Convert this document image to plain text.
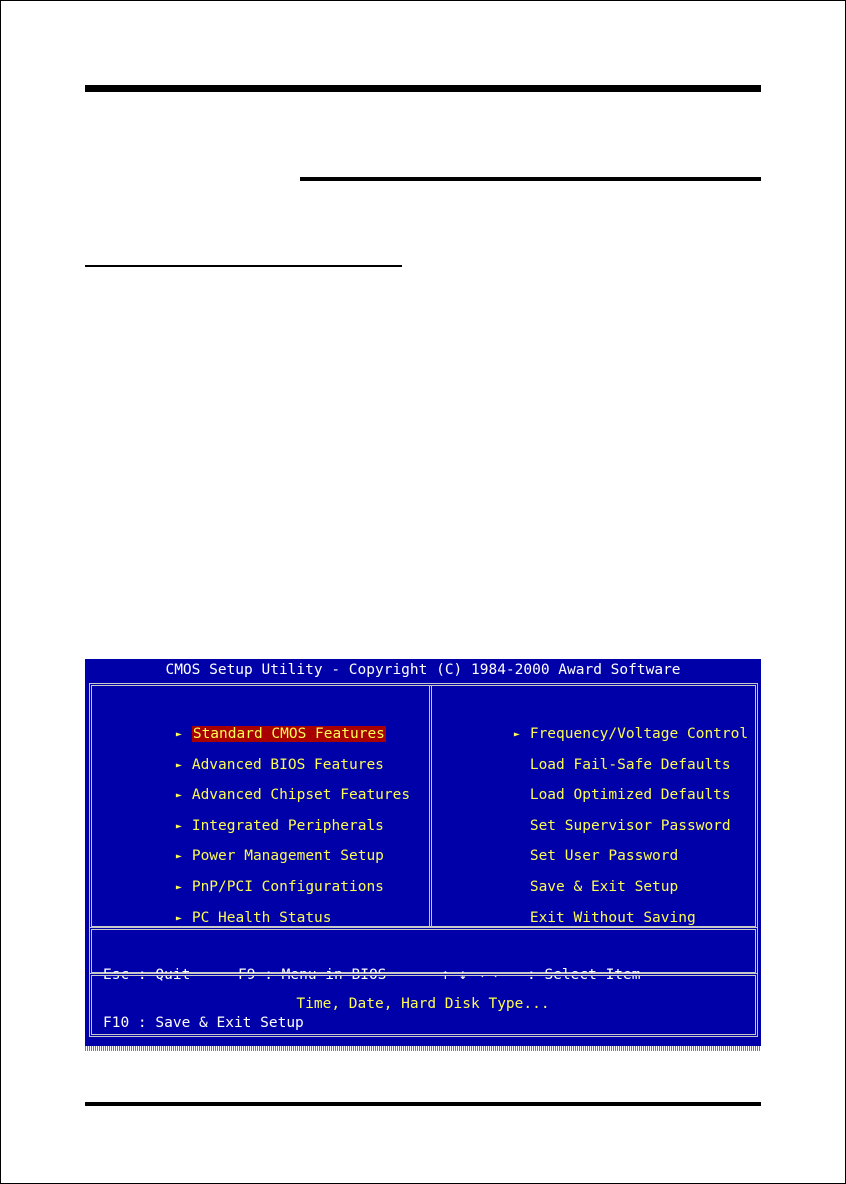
CMOS Setup Utility - Copyright (C) 1984-2000 Award Software

► Standard CMOS Features

► Advanced BIOS Features

► Advanced Chipset Features

► Integrated Peripherals

► Power Management Setup

► PnP/PCI Configurations

► PC Health Status

► Frequency/Voltage Control

Load Fail-Safe Defaults

Load Optimized Defaults

Set Supervisor Password

Set User Password

Save & Exit Setup

Exit Without Saving

Esc : Quit

	F9 : Menu in BIOS

	↑ ↓ → ←

: Select Item

F10 : Save & Exit Setup

Time, Date, Hard Disk Type...
